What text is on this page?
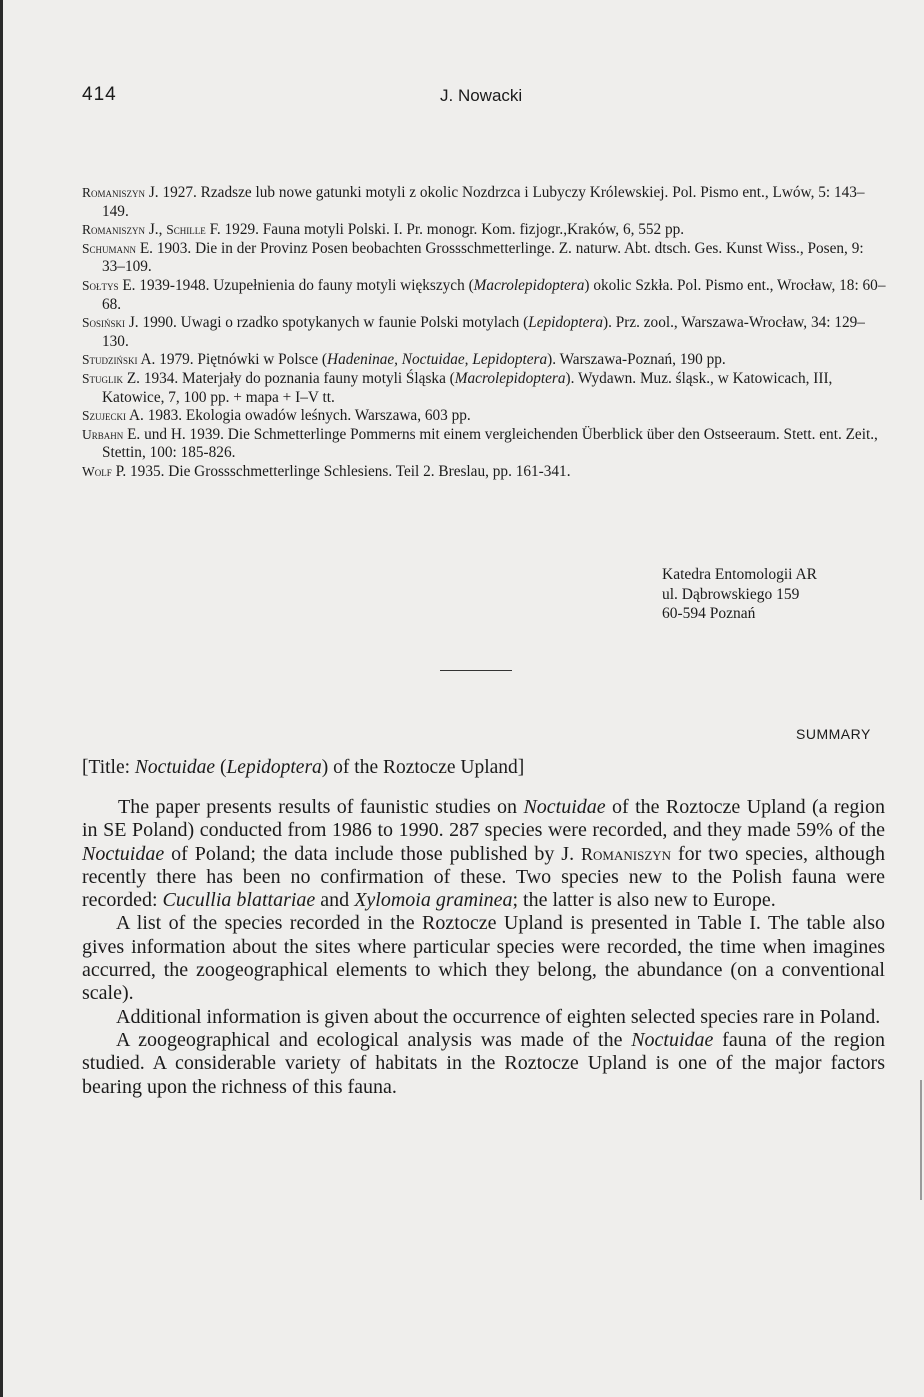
414	J. Nowacki

Romaniszyn J. 1927. Rzadsze lub nowe gatunki motyli z okolic Nozdrzca i Lubyczy Królewskiej. Pol. Pismo ent., Lwów, 5: 143–149.

Romaniszyn J., Schille F. 1929. Fauna motyli Polski. I. Pr. monogr. Kom. fizjogr.,Kraków, 6, 552 pp.

Schumann E. 1903. Die in der Provinz Posen beobachten Grossschmetterlinge. Z. naturw. Abt. dtsch. Ges. Kunst Wiss., Posen, 9: 33–109.

Sołtys E. 1939-1948. Uzupełnienia do fauny motyli większych (Macrolepidoptera) okolic Szkła. Pol. Pismo ent., Wrocław, 18: 60–68.

Sosiński J. 1990. Uwagi o rzadko spotykanych w faunie Polski motylach (Lepidoptera). Prz. zool., Warszawa-Wrocław, 34: 129–130.

Studziński A. 1979. Piętnówki w Polsce (Hadeninae, Noctuidae, Lepidoptera). Warszawa-Poznań, 190 pp.

Stuglik Z. 1934. Materjały do poznania fauny motyli Śląska (Macrolepidoptera). Wydawn. Muz. śląsk., w Katowicach, III, Katowice, 7, 100 pp. + mapa + I–V tt.

Szujecki A. 1983. Ekologia owadów leśnych. Warszawa, 603 pp.

Urbahn E. und H. 1939. Die Schmetterlinge Pommerns mit einem vergleichenden Überblick über den Ostseeraum. Stett. ent. Zeit., Stettin, 100: 185-826.

Wolf P. 1935. Die Grossschmetterlinge Schlesiens. Teil 2. Breslau, pp. 161-341.

Katedra Entomologii AR
ul. Dąbrowskiego 159
60-594 Poznań
SUMMARY
[Title: Noctuidae (Lepidoptera) of the Roztocze Upland]

The paper presents results of faunistic studies on Noctuidae of the Roztocze Upland (a region in SE Poland) conducted from 1986 to 1990. 287 species were recorded, and they made 59% of the Noctuidae of Poland; the data include those published by J. Romaniszyn for two species, although recently there has been no confirmation of these. Two species new to the Polish fauna were recorded: Cucullia blattariae and Xylomoia graminea; the latter is also new to Europe.

A list of the species recorded in the Roztocze Upland is presented in Table I. The table also gives information about the sites where particular species were recorded, the time when imagines accurred, the zoogeographical elements to which they belong, the abundance (on a conventional scale).

Additional information is given about the occurrence of eighten selected species rare in Poland.

A zoogeographical and ecological analysis was made of the Noctuidae fauna of the region studied. A considerable variety of habitats in the Roztocze Upland is one of the major factors bearing upon the richness of this fauna.
